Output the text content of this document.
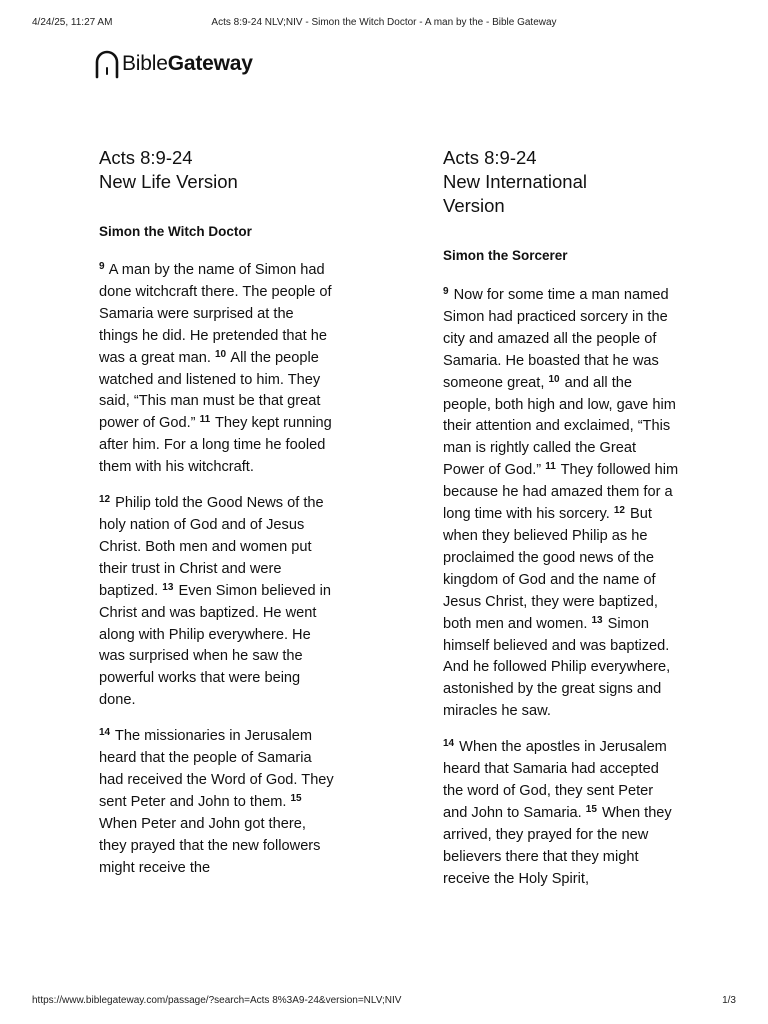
4/24/25, 11:27 AM	Acts 8:9-24 NLV;NIV - Simon the Witch Doctor - A man by the - Bible Gateway
BibleGateway
Acts 8:9-24
New Life Version
Simon the Witch Doctor

$^9$ A man by the name of Simon had done witchcraft there. The people of Samaria were surprised at the things he did. He pretended that he was a great man. $^{10}$ All the people watched and listened to him. They said, “This man must be that great power of God.” $^{11}$ They kept running after him. For a long time he fooled them with his witchcraft.

$^{12}$ Philip told the Good News of the holy nation of God and of Jesus Christ. Both men and women put their trust in Christ and were baptized. $^{13}$ Even Simon believed in Christ and was baptized. He went along with Philip everywhere. He was surprised when he saw the powerful works that were being done.

$^{14}$ The missionaries in Jerusalem heard that the people of Samaria had received the Word of God. They sent Peter and John to them. $^{15}$ When Peter and John got there, they prayed that the new followers might receive the

Acts 8:9-24
New International
Version
Simon the Sorcerer

$^9$ Now for some time a man named Simon had practiced sorcery in the city and amazed all the people of Samaria. He boasted that he was someone great, $^{10}$ and all the people, both high and low, gave him their attention and exclaimed, “This man is rightly called the Great Power of God.” $^{11}$ They followed him because he had amazed them for a long time with his sorcery. $^{12}$ But when they believed Philip as he proclaimed the good news of the kingdom of God and the name of Jesus Christ, they were baptized, both men and women. $^{13}$ Simon himself believed and was baptized. And he followed Philip everywhere, astonished by the great signs and miracles he saw.

$^{14}$ When the apostles in Jerusalem heard that Samaria had accepted the word of God, they sent Peter and John to Samaria. $^{15}$ When they arrived, they prayed for the new believers there that they might receive the Holy Spirit,

https://www.biblegateway.com/passage/?search=Acts 8%3A9-24&version=NLV;NIV	1/3
